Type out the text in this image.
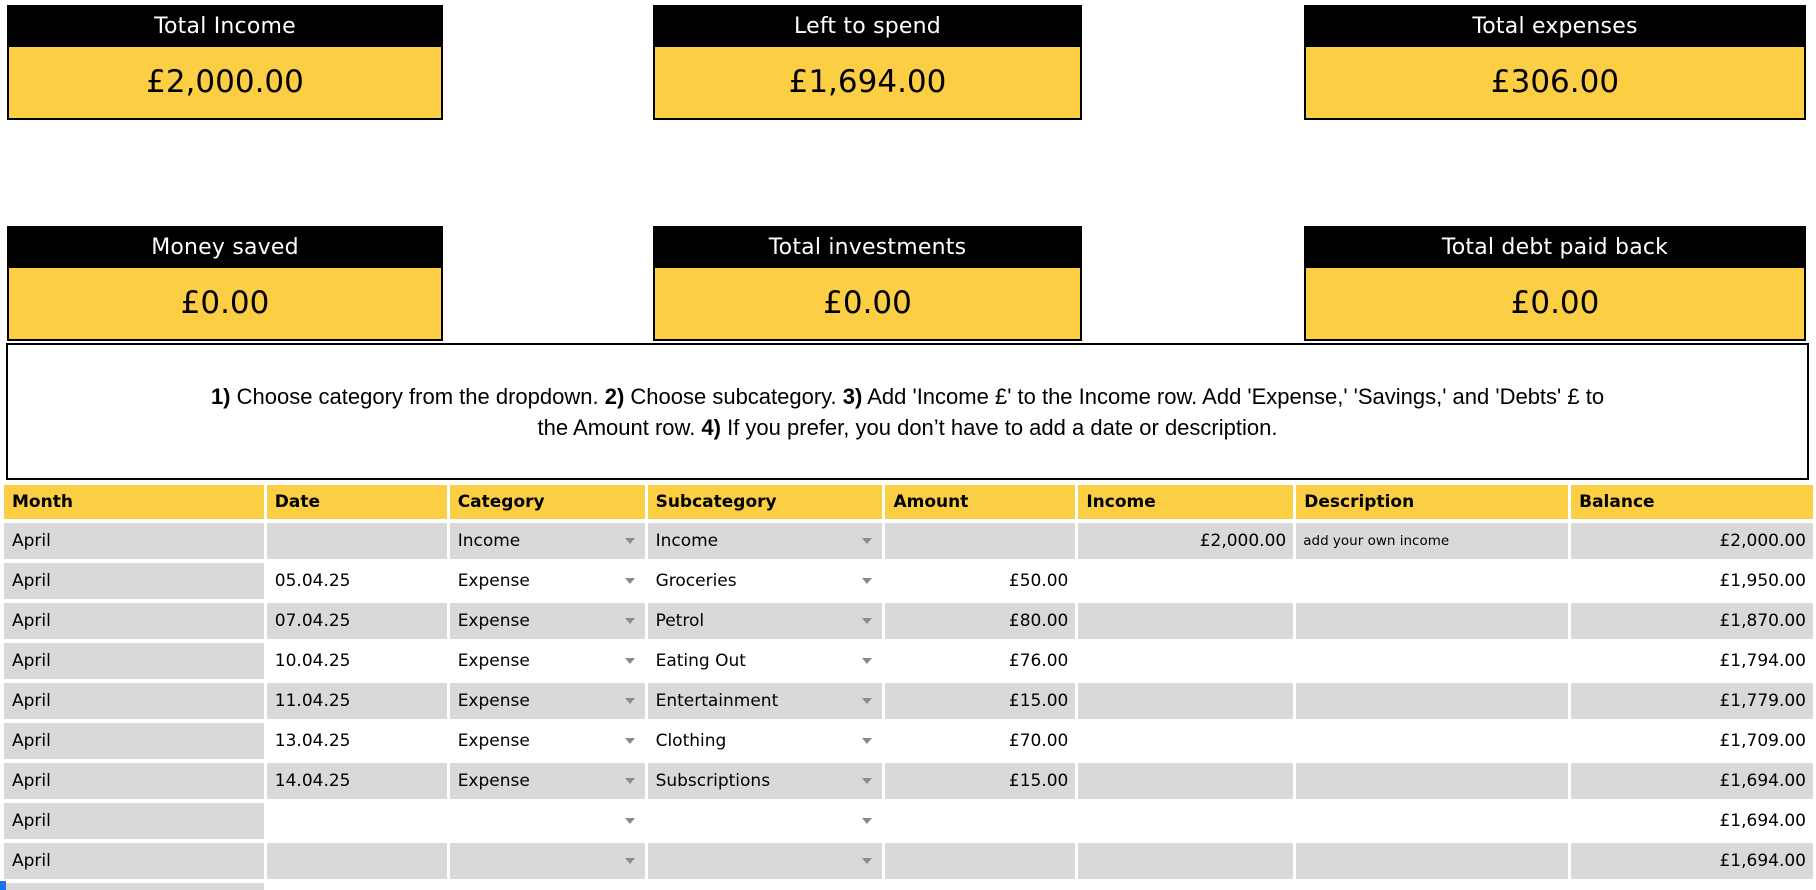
Total Income
£2,000.00
Left to spend
£1,694.00
Total expenses
£306.00
Money saved
£0.00
Total investments
£0.00
Total debt paid back
£0.00

1) Choose category from the dropdown. 2) Choose subcategory. 3) Add 'Income £' to the Income row. Add 'Expense,' 'Savings,' and 'Debts' £ to
the Amount row. 4) If you prefer, you don’t have to add a date or description.

Month	Date	Category	Subcategory	Amount	Income	Description	Balance
April		Income	Income		£2,000.00	add your own income	£2,000.00
April	05.04.25	Expense	Groceries	£50.00			£1,950.00
April	07.04.25	Expense	Petrol	£80.00			£1,870.00
April	10.04.25	Expense	Eating Out	£76.00			£1,794.00
April	11.04.25	Expense	Entertainment	£15.00			£1,779.00
April	13.04.25	Expense	Clothing	£70.00			£1,709.00
April	14.04.25	Expense	Subscriptions	£15.00			£1,694.00
April							£1,694.00
April							£1,694.00
